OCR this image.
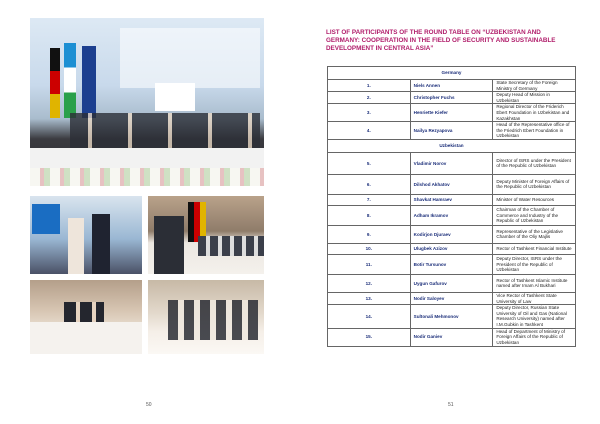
50
LIST OF PARTICIPANTS OF THE ROUND TABLE ON “UZBEKISTAN AND GERMANY: COOPERATION IN THE FIELD OF SECURITY AND SUSTAINABLE DEVELOPMENT IN CENTRAL ASIA”
Germany		
1.	Niels Annen	State Secretary of the Foreign Ministry of Germany
2.	Christopher Fuchs	Deputy Head of Mission in Uzbekistan
3.	Henriette Kiefer	Regional Director of the Friderich Ebert Foundation in Uzbekistan and Kazakhstan
4.	Nailya Rezyapova	Head of the Representative office of the Friedrich Ebert Foundation in Uzbekistan
Uzbekistan		
5.	Vladimir Norov	Director of ISRS under the President of the Republic of Uzbekistan
6.	Dilshod Akhatov	Deputy Minister of Foreign Affairs of the Republic of Uzbekistan
7.	Shavkat Hamraev	Minister of Water Resources
8.	Adham Ikramov	Chairman of the Chamber of Commerce and Industry of the Republic of Uzbekistan
9.	Kodirjon Djuraev	Representative of the Legislative Chamber of the Oliy Majlis
10.	Ulugbek Azizov	Rector of Tashkent Financial Institute
11.	Botir Tursunov	Deputy Director, ISRS under the President of the Republic of Uzbekistan
12.	Uygun Gafurov	Rector of Tashkent Islamic Institute named after Imam Al Bukhari
13.	Nodir Saloyev	Vice Rector of Tashkent State University of Law
14.	Sultonali Mehmonov	Deputy Director, Russian State University of Oil and Gas (National Research University) named after I.M.Gubkin in Tashkent
15.	Nodir Ganiev	Head of Department of Ministry of Foreign Affairs of the Republic of Uzbekistan
51
